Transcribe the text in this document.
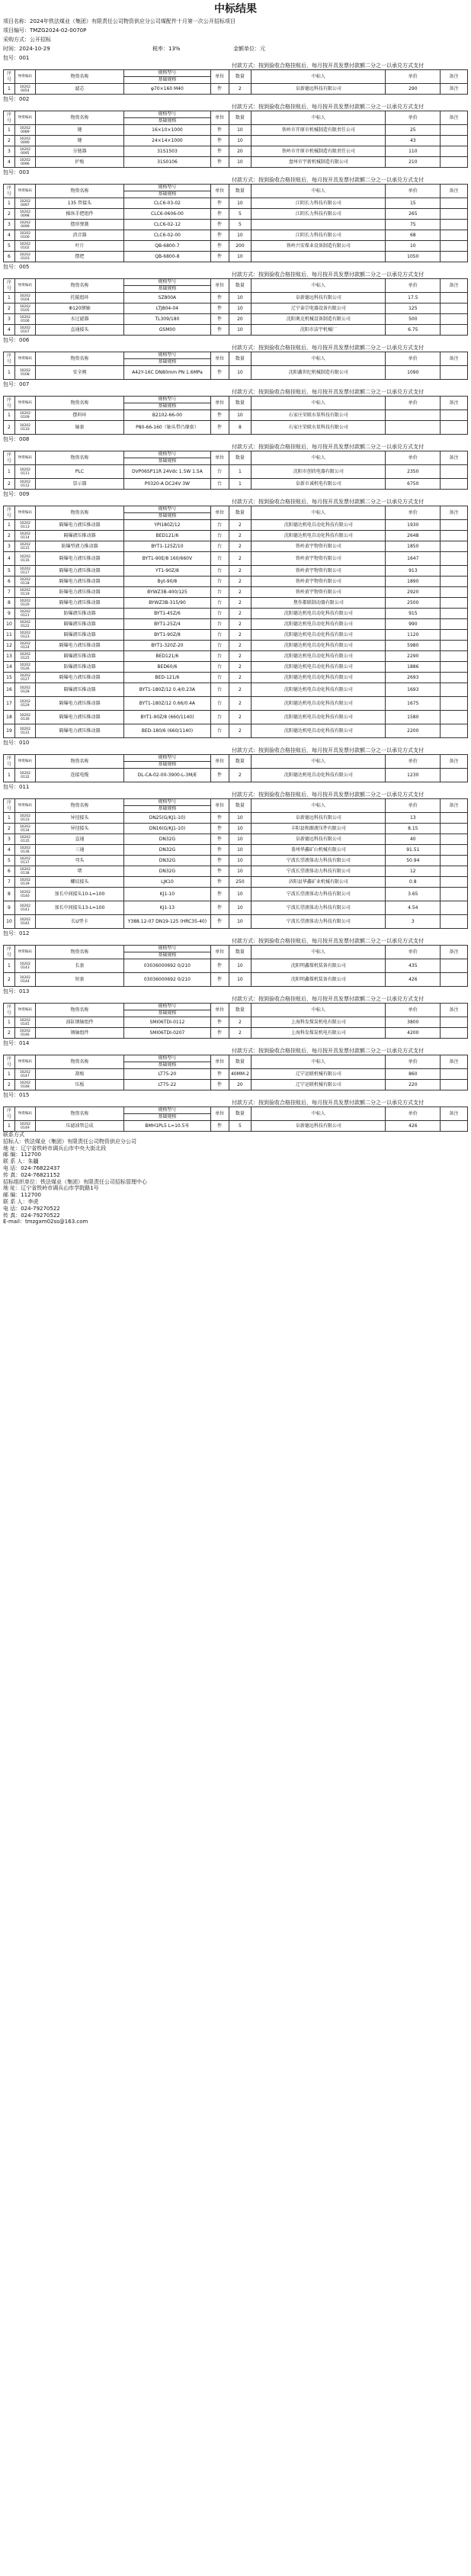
中标结果
项目名称：2024年铁法煤业（集团）有限责任公司物资供应分公司煤配件十月第一次公开招标项目
项目编号：TMZG2024-02-0070P
采购方式：公开招标
时间：2024-10-29	税率：13%	金额单位：元
包号：001
付款方式：按到验收合格挂账后，每月按开具发票付款额二分之一以承兑方式支付
序号	物资编码	物资名称	规格型号	单位	数量	中标人	单价	备注
			基础规格					
1	10202 0054	滤芯	φ70×160 M40	件	2	阜新德远科技有限公司	290	备注
包号：002
付款方式：按到验收合格挂账后，每月按开具发票付款额二分之一以承兑方式支付
序号	物资编码	物资名称	规格型号	单位	数量	中标人	单价	备注
			基础规格					
1	10202 0089	键	16×10×1000	件	10	铁岭市开原市机械制造有限责任公司	25	
2	10202 0090	键	24×14×1000	件	10		43	
3	10202 0095	分链器	31S1503	件	20	铁岭市开原市机械制造有限责任公司	110	
4	10202 0096	护板	31S0106	件	10	盘州市宇新机械制造有限公司	210	
包号：003
付款方式：按到验收合格挂账后，每月按开具发票付款额二分之一以承兑方式支付
序号	物资编码	物资名称	规格型号	单位	数量	中标人	单价	备注
			基础规格					
1	10202 0097	135 管接头	CLC6-03-02	件	10	江阴长力科技有限公司	15	
2	10202 0098	操纵手把组件	CLC6-0606-00	件	5	江阴长力科技有限公司	265	
3	10202 0099	摆形弹簧	CLC6-02-12	件	5		75	
4	10202 0100	消音器	CLC6-02-00	件	10	江阴长力科技有限公司	68	
5	10202 0102	叶片	QB-6800-7	件	200	铁岭兴安煤业设备制造有限公司	10	
6	10202 0103	摆把	QB-6800-8	件	10		1050	
包号：005
付款方式：按到验收合格挂账后，每月按开具发票付款额二分之一以承兑方式支付
序号	物资编码	物资名称	规格型号	单位	数量	中标人	单价	备注
			基础规格					
1	10202 0104	托辊组环	SZ800A	件	10	阜新德远科技有限公司	17.5	
2	10202 0105	Φ120钢轴	LTJ804-04	件	10	辽宁泰宗电器设备有限公司	125	
3	10202 0106	水过滤器	TL309/180	件	20	沈阳奥克机械设备制造有限公司	500	
4	10202 0107	直通接头	GSM00	件	10	沈阳市洁宇机械厂	6.75	
包号：006
付款方式：按到验收合格挂账后，每月按开具发票付款额二分之一以承兑方式支付
序号	物资编码	物资名称	规格型号	单位	数量	中标人	单价	备注
			基础规格					
1	10202 0108	安全阀	A42Y-16C DN80mm PN 1.6MPa	件	10	沈阳鑫世纪机械制造有限公司	1090	
包号：007
付款方式：按到验收合格挂账后，每月按开具发票付款额二分之一以承兑方式支付
序号	物资编码	物资名称	规格型号	单位	数量	中标人	单价	备注
			基础规格					
1	10202 0109	摆料环	B2102-66-00	件	10	石家庄荣联水泵科技有限公司		
2	10202 0110	轴套	P80-66-160（轴头带凸缘套）	件	8	石家庄荣联水泵科技有限公司		
包号：008
付款方式：按到验收合格挂账后，每月按开具发票付款额二分之一以承兑方式支付
序号	物资编码	物资名称	规格型号	单位	数量	中标人	单价	备注
			基础规格					
1	10202 0111	PLC	DVP06SP11R 24Vdc 1.5W 1.5A	台	1	沈阳市创欣电器有限公司	2350	
2	10202 0112	显示器	P0320-A DC24V 3W	台	1	阜新市诚机电有限公司	6750	
包号：009
付款方式：按到验收合格挂账后，每月按开具发票付款额二分之一以承兑方式支付
序号	物资编码	物资名称	规格型号	单位	数量	中标人	单价	备注
			基础规格					
1	10202 0113	隔爆电力液压推动器	YPI180Z/12	台	2	沈阳德达机电自动化科技有限公司	1930	
2	10202 0114	隔爆液压推动器	BED121/6	台	2	沈阳德达机电自动化科技有限公司	2648	
3	10202 0115	防爆型液力推动器	BYT1-125Z/10	台	2	铁岭黄宇物资有限公司	1850	
4	10202 0116	隔爆电力液压推动器	BYT1-90E/8 160/660V	台	2	铁岭黄宇物资有限公司	1647	
5	10202 0117	隔爆电力液压推动器	YT1-90Z/8	台	2	铁岭黄宇物资有限公司	913	
6	10202 0118	隔爆电力液压推动器	Byt-90/8	台	2	铁岭黄宇物资有限公司	1890	
7	10202 0119	防爆电力液压推动器	BYWZ3B-400/125	台	2	铁岭黄宇物资有限公司	2920	
8	10202 0120	隔爆电力液压推动器	BYWZ3B-315/90	台	2	焦作都联制动器有限公司	2500	
9	10202 0121	防爆液压推动器	BYT1-45Z/6	台	2	沈阳德达机电自动化科技有限公司	915	
10	10202 0122	隔爆液压推动器	BYT1-25Z/4	台	2	沈阳德达机电自动化科技有限公司	990	
11	10202 0123	隔爆液压推动器	BYT1-90Z/8	台	2	沈阳德达机电自动化科技有限公司	1120	
12	10202 0124	隔爆电力液压推动器	BYT1-320Z-20	台	2	沈阳德达机电自动化科技有限公司	5980	
13	10202 0125	隔爆液压推动器	BED121/6	台	2	沈阳德达机电自动化科技有限公司	2290	
14	10202 0126	防爆液压推动器	BED60/6	台	2	沈阳德达机电自动化科技有限公司	1886	
15	10202 0127	隔爆电力液压推动器	BED-121/6	台	2	沈阳德达机电自动化科技有限公司	2693	
16	10202 0128	隔爆液压推动器	BYT1-180Z/12 0.4/0.23A	台	2	沈阳德达机电自动化科技有限公司	1693	
17	10202 0129	隔爆电力液压推动器	BYT1-180Z/12 0.66/0.4A	台	2	沈阳德达机电自动化科技有限公司	1675	
18	10202 0130	隔爆电力液压推动器	BYT1-90Z/8 (660/1140)	台	2	沈阳德达机电自动化科技有限公司	1580	
19	10202 0131	隔爆电力液压推动器	BED-180/6 (660/1140)	台	2	沈阳德达机电自动化科技有限公司	2200	
包号：010
付款方式：按到验收合格挂账后，每月按开具发票付款额二分之一以承兑方式支付
序号	物资编码	物资名称	规格型号	单位	数量	中标人	单价	备注
			基础规格					
1	10202 0132	连接电缆	DL-CA-02-00-3900-L-3M/E	件	2	沈阳德达机电自动化科技有限公司	1230	
包号：011
付款方式：按到验收合格挂账后，每月按开具发票付款额二分之一以承兑方式支付
序号	物资编码	物资名称	规格型号	单位	数量	中标人	单价	备注
			基础规格					
1	10202 0133	异径接头	DN25(G/KJ1-10)	件	10	阜新德远科技有限公司	13	
2	10202 0134	异径接头	DN16(G/KJ1-10)	件	10	丰阳县和源液压件有限公司	8.15	
3	10202 0135	直通	DN32G	件	10	阜新德远科技有限公司	40	
4	10202 0136	三通	DN32G	件	10	盖州华鑫矿山机械有限公司	91.51	
5	10202 0137	弯头	DN32G	件	10	宁波长望液体动力科技有限公司	50.94	
6	10202 0138	堵	DN32G	件	10	宁波长望液体动力科技有限公司	12	
7	10202 0139	螺纹接头	LJK10	件	250	济阳县华鑫矿业机械有限公司	0.8	
8	10202 0140	加长中间接头10-L=100	KJ1-10	件	10	宁波长望液体动力科技有限公司	3.65	
9	10202 0141	加长中间接头13-L=100	KJ1-13	件	10	宁波长望液体动力科技有限公司	4.54	
10	10202 0142	长U型卡	Y388.12-07 DN19-125 (HRC35-40)	件	10	宁波长望液体动力科技有限公司	3	
包号：012
付款方式：按到验收合格挂账后，每月按开具发票付款额二分之一以承兑方式支付
序号	物资编码	物资名称	规格型号	单位	数量	中标人	单价	备注
			基础规格					
1	10202 0143	长套	03036000692 0/210	件	10	沈阳明鑫煤机装备有限公司	435	
2	10202 0144	短套	03036000692 0/210	件	10	沈阳明鑫煤机装备有限公司	426	
包号：013
付款方式：按到验收合格挂账后，每月按开具发票付款额二分之一以承兑方式支付
序号	物资编码	物资名称	规格型号	单位	数量	中标人	单价	备注
			基础规格					
1	10202 0145	油缸钢轴组件	SMI06TDI-0112	件	2	上海科发煤炭机电有限公司	3800	
2	10202 0146	钢轴组件	SMI06TDI-0207	件	2	上海科发煤炭机电有限公司	4200	
包号：014
付款方式：按到验收合格挂账后，每月按开具发票付款额二分之一以承兑方式支付
序号	物资编码	物资名称	规格型号	单位	数量	中标人	单价	备注
			基础规格					
1	10202 0147	刮板	LT75-20	件	40MM-2	辽宁运联机械有限公司	860	
2	10202 0148	压板	LT75-22	件	20	辽宁运联机械有限公司	220	
包号：015
付款方式：按到验收合格挂账后，每月按开具发票付款额二分之一以承兑方式支付
序号	物资编码	物资名称	规格型号	单位	数量	中标人	单价	备注
			基础规格					
1	10202 0149	压滤油管总成	BMH1PL5 L=10.5米	件	5	阜新德远科技有限公司	426	
联系方式
招标人：铁法煤业（集团）有限责任公司物资供应分公司
地 址：辽宁省铁岭市调兵山市中央大街北段
邮 编：112700
联 系 人：朱疆
电 话：024-76822437
传 真：024-76821152
招标组织单位：铁法煤业（集团）有限责任公司招标管理中心
地 址：辽宁省铁岭市调兵山市学院路1号
邮 编：112700
联 系 人：李虎
电 话：024-79270522
传 真：024-79270522
E-mail：tmzgxm02ss@163.com
